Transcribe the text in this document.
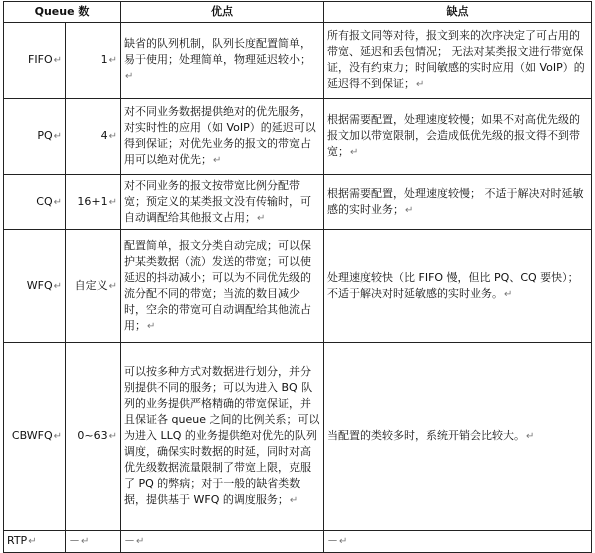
Queue 数		优点	缺点
FIFO↵	1↵	缺省的队列机制，队列长度配置简单，易于使用；处理简单，物理延迟较小；↵	所有报文同等对待，报文到来的次序决定了可占用的带宽、延迟和丢包情况； 无法对某类报文进行带宽保证，没有约束力；时间敏感的实时应用（如 VoIP）的延迟得不到保证；↵
PQ↵	4↵	对不同业务数据提供绝对的优先服务，对实时性的应用（如 VoIP）的延迟可以得到保证；对优先业务的报文的带宽占用可以绝对优先；↵	根据需要配置，处理速度较慢；如果不对高优先级的报文加以带宽限制，会造成低优先级的报文得不到带宽；↵
CQ↵	16+1↵	对不同业务的报文按带宽比例分配带宽；预定义的某类报文没有传输时，可自动调配给其他报文占用；↵	根据需要配置，处理速度较慢； 不适于解决对时延敏感的实时业务；↵
WFQ↵	自定义↵	配置简单，报文分类自动完成；可以保护某类数据（流）发送的带宽；可以使延迟的抖动减小；可以为不同优先级的流分配不同的带宽；当流的数目减少时，空余的带宽可自动调配给其他流占用；↵	处理速度较快（比 FIFO 慢，但比 PQ、CQ 要快）；不适于解决对时延敏感的实时业务。↵
CBWFQ↵	0~63↵	可以按多种方式对数据进行划分，并分别提供不同的服务；可以为进入 BQ 队列的业务提供严格精确的带宽保证，并且保证各 queue 之间的比例关系；可以为进入 LLQ 的业务提供绝对优先的队列调度，确保实时数据的时延，同时对高优先级数据流量限制了带宽上限，克服了 PQ 的弊病；对于一般的缺省类数据，提供基于 WFQ 的调度服务；↵	当配置的类较多时，系统开销会比较大。↵
RTP↵	－↵	－↵	－↵
